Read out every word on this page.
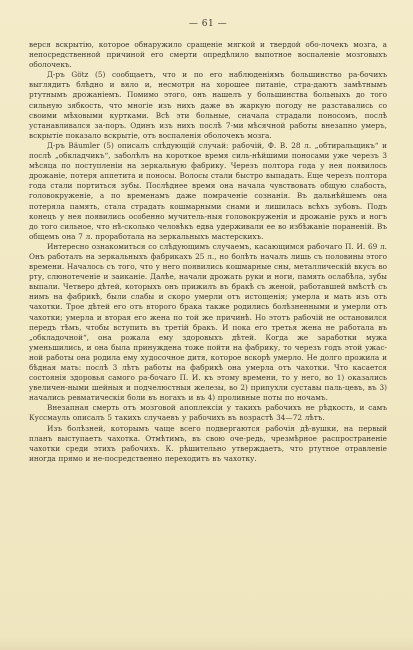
— 61 —

верся вскрытію, которое обнаружило сращеніе мягкой и твердой обо-лочекъ мозга, а непосредственной причиной его смерти опредѣлило выпотное воспаленіе мозговыхъ оболочекъ.

Д-ръ Götz (5) сообщаетъ, что и по его наблюденіямъ большинство ра-бочихъ выглядитъ блѣдно и вяло и, несмотря на хорошее питаніе, стра-даютъ замѣтнымъ ртутнымъ дрожаніемъ. Помимо этого, онъ нашелъ у большинства больныхъ до того сильную зябкость, что многіе изъ нихъ даже въ жаркую погоду не разставались со своими мѣховыми куртками. Всѣ эти больные, сначала страдали поносомъ, послѣ устанавливался за-поръ. Одинъ изъ нихъ послѣ 7-ми мѣсячной работы внезапно умеръ, вскрытіе показало вскрытіе, отъ воспаленія оболочекъ мозга.

Д-ръ Bäumler (5) описалъ слѣдующій случай: рабочій, Ф. В. 28 л. „обтиральщикъ“ и послѣ „обкладчикъ“, заболѣлъ на короткое время силь-нѣйшими поносами уже черезъ 3 мѣсяца по поступленіи на зеркальную фабрику. Черезъ полтора года у нея появилось дрожаніе, потеря аппетита и поносы. Волосы стали быстро выпадать. Еще черезъ полтора года стали портиться зубы. Послѣднее время она начала чувствовать общую слабость, головокруженіе, а по временамъ даже помраченіе сознанія. Въ дальнѣйшемъ она потеряла память, стала страдать кошмарными снами и лишилась всѣхъ зубовъ. Подъ конецъ у нея появились особенно мучитель-ныя головокруженія и дрожаніе рукъ и ногъ до того сильное, что нѣ-сколько человѣкъ едва удерживали ее во избѣжаніе пораненій. Въ общемъ она 7 л. проработала на зеркальныхъ мастерскихъ.

Интересно ознакомиться со слѣдующимъ случаемъ, касающимся рабочаго П. И. 69 л. Онъ работалъ на зеркальныхъ фабрикахъ 25 л., но болѣть началъ лишь съ половины этого времени. Началось съ того, что у него появились кошмарные сны, металлическій вкусъ во рту, слюнотеченіе и заиканіе. Далѣе, начали дрожать руки и ноги, память ослабѣла, зубы выпали. Четверо дѣтей, которыхъ онъ прижилъ въ бракѣ съ женой, работавшей вмѣстѣ съ нимъ на фабрикѣ, были слабы и скоро умерли отъ истощенія; умерла и мать изъ отъ чахотки. Трое дѣтей его отъ второго брака также родились болѣзненными и умерли отъ чахотки; умерла и вторая его жена по той же причинѣ. Но этотъ рабочій не остановился передъ тѣмъ, чтобы вступить въ третій бракъ. И пока его третья жена не работала въ „обкладочной“, она рожала ему здоровыхъ дѣтей. Когда же заработки мужа уменьшились, и она была принуждена тоже пойти на фабрику, то черезъ годъ этой ужас-ной работы она родила ему худосочное дитя, которое вскорѣ умерло. Не долго прожила и бѣдная мать: послѣ 3 лѣтъ работы на фабрикѣ она умерла отъ чахотки. Что касается состоянія здоровья самого ра-бочаго П. И. къ этому времени, то у него, во 1) оказались увеличен-ными шейныя и подчелюстныя железы, во 2) припухли суставы паль-цевъ, въ 3) начались ревматическія боли въ ногахъ и въ 4) проливные поты по ночамъ.

Внезапная смерть отъ мозговой апоплексіи у такихъ рабочихъ не рѣдкость, и самъ Куссмауль описалъ 5 такихъ случаевъ у рабочихъ въ возрастѣ 34—72 лѣтъ.

Изъ болѣзней, которымъ чаще всего подвергаются рабочія дѣ-вушки, на первый планъ выступаетъ чахотка. Отмѣтимъ, въ свою оче-редь, чрезмѣрное распространеніе чахотки среди этихъ рабочихъ. К. рѣшительно утверждаетъ, что ртутное отравленіе иногда прямо и не-посредственно переходитъ въ чахотку.
